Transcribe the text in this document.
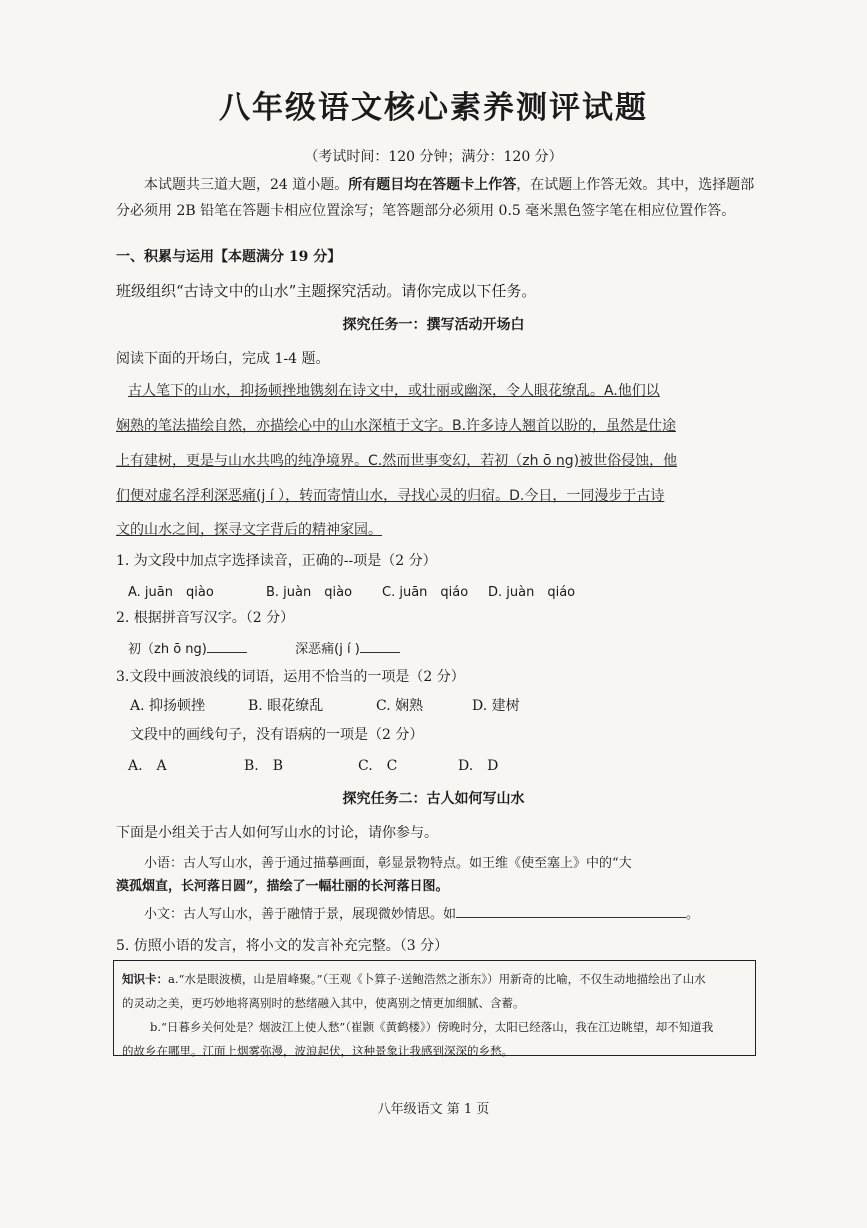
八年级语文核心素养测评试题
（考试时间：120 分钟；满分：120 分）
本试题共三道大题，24 道小题。所有题目均在答题卡上作答，在试题上作答无效。其中，选择题部分必须用 2B 铅笔在答题卡相应位置涂写；笔答题部分必须用 0.5 毫米黑色签字笔在相应位置作答。
一、积累与运用【本题满分 19 分】
班级组织“古诗文中的山水”主题探究活动。请你完成以下任务。
探究任务一：撰写活动开场白
阅读下面的开场白，完成 1-4 题。
古人笔下的山水，抑扬顿挫地镌刻在诗文中，或壮丽或幽深，令人眼花缭乱。A.他们以
娴熟的笔法描绘自然，亦描绘心中的山水深植于文字。B.许多诗人翘首以盼的，虽然是仕途
上有建树，更是与山水共鸣的纯净境界。C.然而世事变幻，若初（zh ō ng)被世俗侵蚀，他
们便对虚名浮利深恶痛(j í ），转而寄情山水，寻找心灵的归宿。D.今日，一同漫步于古诗
文的山水之间，探寻文字背后的精神家园。
1. 为文段中加点字选择读音，正确的--项是（2 分）
A. juān　qiào	B. juàn　qiào C. juān　qiáo D. juàn　qiáo
2. 根据拼音写汉字。（2 分）
初（zh ō ng)	深恶痛(j í )
3.文段中画波浪线的词语，运用不恰当的一项是（2 分）
A. 抑扬顿挫	B. 眼花缭乱	C. 娴熟	D. 建树
文段中的画线句子，没有语病的一项是（2 分）
A.　A	B.　B	C.　C	D.　D
探究任务二：古人如何写山水
下面是小组关于古人如何写山水的讨论，请你参与。
小语：古人写山水，善于通过描摹画面，彰显景物特点。如王维《使至塞上》中的“大
漠孤烟直，长河落日圆”，描绘了一幅壮丽的长河落日图。
小文：古人写山水，善于融情于景，展现微妙情思。如	。
5. 仿照小语的发言，将小文的发言补充完整。（3 分）
知识卡：a.“水是眼波横，山是眉峰聚。”（王观《卜算子·送鲍浩然之浙东》）用新奇的比喻，不仅生动地描绘出了山水
的灵动之美，更巧妙地将离别时的愁绪融入其中，使离别之情更加细腻、含蓄。
b.“日暮乡关何处是？烟波江上使人愁”（崔颢《黄鹤楼》）傍晚时分，太阳已经落山，我在江边眺望，却不知道我
的故乡在哪里。江面上烟雾弥漫，波浪起伏，这种景象让我感到深深的乡愁。
八年级语文 第 1 页
